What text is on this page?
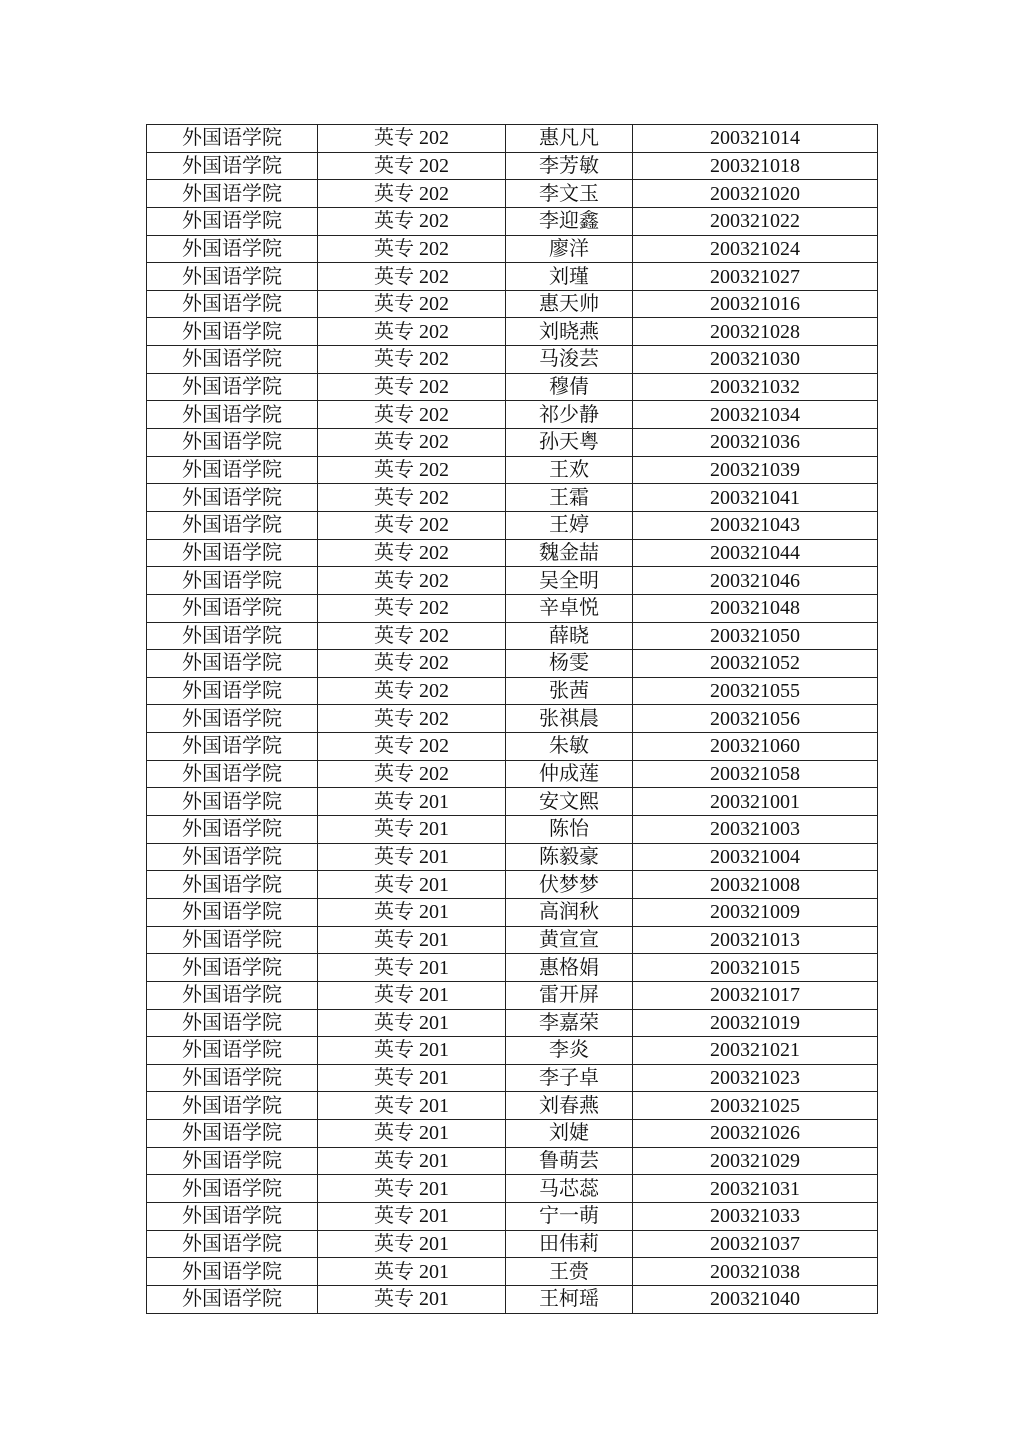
外国语学院	英专 202	惠凡凡	200321014
外国语学院	英专 202	李芳敏	200321018
外国语学院	英专 202	李文玉	200321020
外国语学院	英专 202	李迎鑫	200321022
外国语学院	英专 202	廖洋	200321024
外国语学院	英专 202	刘瑾	200321027
外国语学院	英专 202	惠天帅	200321016
外国语学院	英专 202	刘晓燕	200321028
外国语学院	英专 202	马浚芸	200321030
外国语学院	英专 202	穆倩	200321032
外国语学院	英专 202	祁少静	200321034
外国语学院	英专 202	孙天粤	200321036
外国语学院	英专 202	王欢	200321039
外国语学院	英专 202	王霜	200321041
外国语学院	英专 202	王婷	200321043
外国语学院	英专 202	魏金喆	200321044
外国语学院	英专 202	吴全明	200321046
外国语学院	英专 202	辛卓悦	200321048
外国语学院	英专 202	薛晓	200321050
外国语学院	英专 202	杨雯	200321052
外国语学院	英专 202	张茜	200321055
外国语学院	英专 202	张祺晨	200321056
外国语学院	英专 202	朱敏	200321060
外国语学院	英专 202	仲成莲	200321058
外国语学院	英专 201	安文熙	200321001
外国语学院	英专 201	陈怡	200321003
外国语学院	英专 201	陈毅豪	200321004
外国语学院	英专 201	伏梦梦	200321008
外国语学院	英专 201	高润秋	200321009
外国语学院	英专 201	黄宣宣	200321013
外国语学院	英专 201	惠格娟	200321015
外国语学院	英专 201	雷开屏	200321017
外国语学院	英专 201	李嘉荣	200321019
外国语学院	英专 201	李炎	200321021
外国语学院	英专 201	李子卓	200321023
外国语学院	英专 201	刘春燕	200321025
外国语学院	英专 201	刘婕	200321026
外国语学院	英专 201	鲁萌芸	200321029
外国语学院	英专 201	马芯蕊	200321031
外国语学院	英专 201	宁一萌	200321033
外国语学院	英专 201	田伟莉	200321037
外国语学院	英专 201	王赍	200321038
外国语学院	英专 201	王柯瑶	200321040
